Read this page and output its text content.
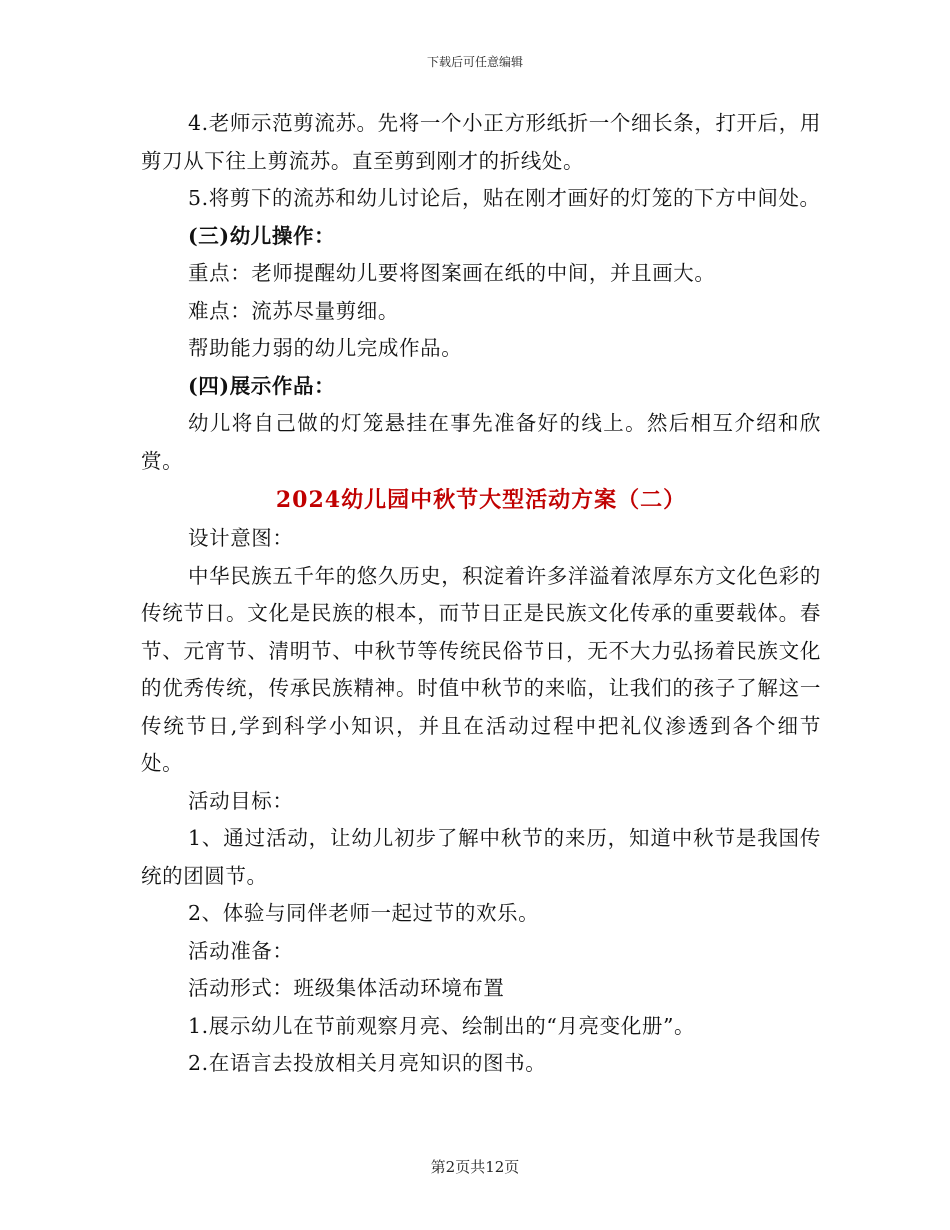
下载后可任意编辑

4.老师示范剪流苏。先将一个小正方形纸折一个细长条，打开后，用剪刀从下往上剪流苏。直至剪到刚才的折线处。

5.将剪下的流苏和幼儿讨论后，贴在刚才画好的灯笼的下方中间处。

(三)幼儿操作：

重点：老师提醒幼儿要将图案画在纸的中间，并且画大。

难点：流苏尽量剪细。

帮助能力弱的幼儿完成作品。

(四)展示作品：

幼儿将自己做的灯笼悬挂在事先准备好的线上。然后相互介绍和欣赏。

2024幼儿园中秋节大型活动方案（二）

设计意图：

中华民族五千年的悠久历史，积淀着许多洋溢着浓厚东方文化色彩的传统节日。文化是民族的根本，而节日正是民族文化传承的重要载体。春节、元宵节、清明节、中秋节等传统民俗节日，无不大力弘扬着民族文化的优秀传统，传承民族精神。时值中秋节的来临，让我们的孩子了解这一传统节日,学到科学小知识，并且在活动过程中把礼仪渗透到各个细节处。

活动目标：

1、通过活动，让幼儿初步了解中秋节的来历，知道中秋节是我国传统的团圆节。

2、体验与同伴老师一起过节的欢乐。

活动准备：

活动形式：班级集体活动环境布置

1.展示幼儿在节前观察月亮、绘制出的“月亮变化册”。

2.在语言去投放相关月亮知识的图书。

第2页共12页
